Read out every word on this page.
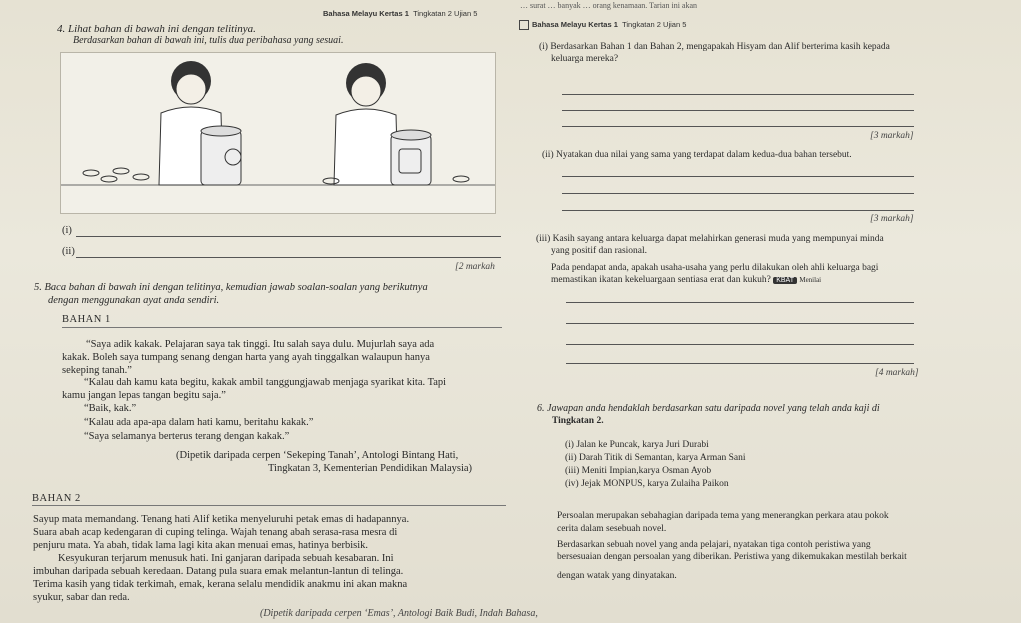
… surat … banyak … orang kenamaan. Tarian ini akan
Bahasa Melayu Kertas 1 Tingkatan 2 Ujian 5
4. Lihat bahan di bawah ini dengan telitinya.
Berdasarkan bahan di bawah ini, tulis dua peribahasa yang sesuai.
(i)
(ii)
[2 markah
5. Baca bahan di bawah ini dengan telitinya, kemudian jawab soalan-soalan yang berikutnya
dengan menggunakan ayat anda sendiri.
BAHAN 1
“Saya adik kakak. Pelajaran saya tak tinggi. Itu salah saya dulu. Mujurlah saya ada
kakak. Boleh saya tumpang senang dengan harta yang ayah tinggalkan walaupun hanya
sekeping tanah.”
“Kalau dah kamu kata begitu, kakak ambil tanggungjawab menjaga syarikat kita. Tapi
kamu jangan lepas tangan begitu saja.”
“Baik, kak.”
“Kalau ada apa-apa dalam hati kamu, beritahu kakak.”
“Saya selamanya berterus terang dengan kakak.”
(Dipetik daripada cerpen ‘Sekeping Tanah’, Antologi Bintang Hati,
Tingkatan 3, Kementerian Pendidikan Malaysia)
BAHAN 2
Sayup mata memandang. Tenang hati Alif ketika menyeluruhi petak emas di hadapannya.
Suara abah acap kedengaran di cuping telinga. Wajah tenang abah serasa-rasa mesra di
penjuru mata. Ya abah, tidak lama lagi kita akan menuai emas, hatinya berbisik.
Kesyukuran terjarum menusuk hati. Ini ganjaran daripada sebuah kesabaran. Ini
imbuhan daripada sebuah keredaan. Datang pula suara emak melantun-lantun di telinga.
Terima kasih yang tidak terkimah, emak, kerana selalu mendidik anakmu ini akan makna
syukur, sabar dan reda.
(Dipetik daripada cerpen ‘Emas’, Antologi Baik Budi, Indah Bahasa,
Bahasa Melayu Kertas 1 Tingkatan 2 Ujian 5
(i) Berdasarkan Bahan 1 dan Bahan 2, mengapakah Hisyam dan Alif berterima kasih kepada
keluarga mereka?
[3 markah]
(ii) Nyatakan dua nilai yang sama yang terdapat dalam kedua-dua bahan tersebut.
[3 markah]
(iii) Kasih sayang antara keluarga dapat melahirkan generasi muda yang mempunyai minda
yang positif dan rasional.
Pada pendapat anda, apakah usaha-usaha yang perlu dilakukan oleh ahli keluarga bagi
memastikan ikatan kekeluargaan sentiasa erat dan kukuh? KBAT Menilai
[4 markah]
6. Jawapan anda hendaklah berdasarkan satu daripada novel yang telah anda kaji di
Tingkatan 2.
(i) Jalan ke Puncak, karya Juri Durabi
(ii) Darah Titik di Semantan, karya Arman Sani
(iii) Meniti Impian,karya Osman Ayob
(iv) Jejak MONPUS, karya Zulaiha Paikon
Persoalan merupakan sebahagian daripada tema yang menerangkan perkara atau pokok
cerita dalam sesebuah novel.
Berdasarkan sebuah novel yang anda pelajari, nyatakan tiga contoh peristiwa yang
bersesuaian dengan persoalan yang diberikan. Peristiwa yang dikemukakan mestilah berkait
dengan watak yang dinyatakan.
